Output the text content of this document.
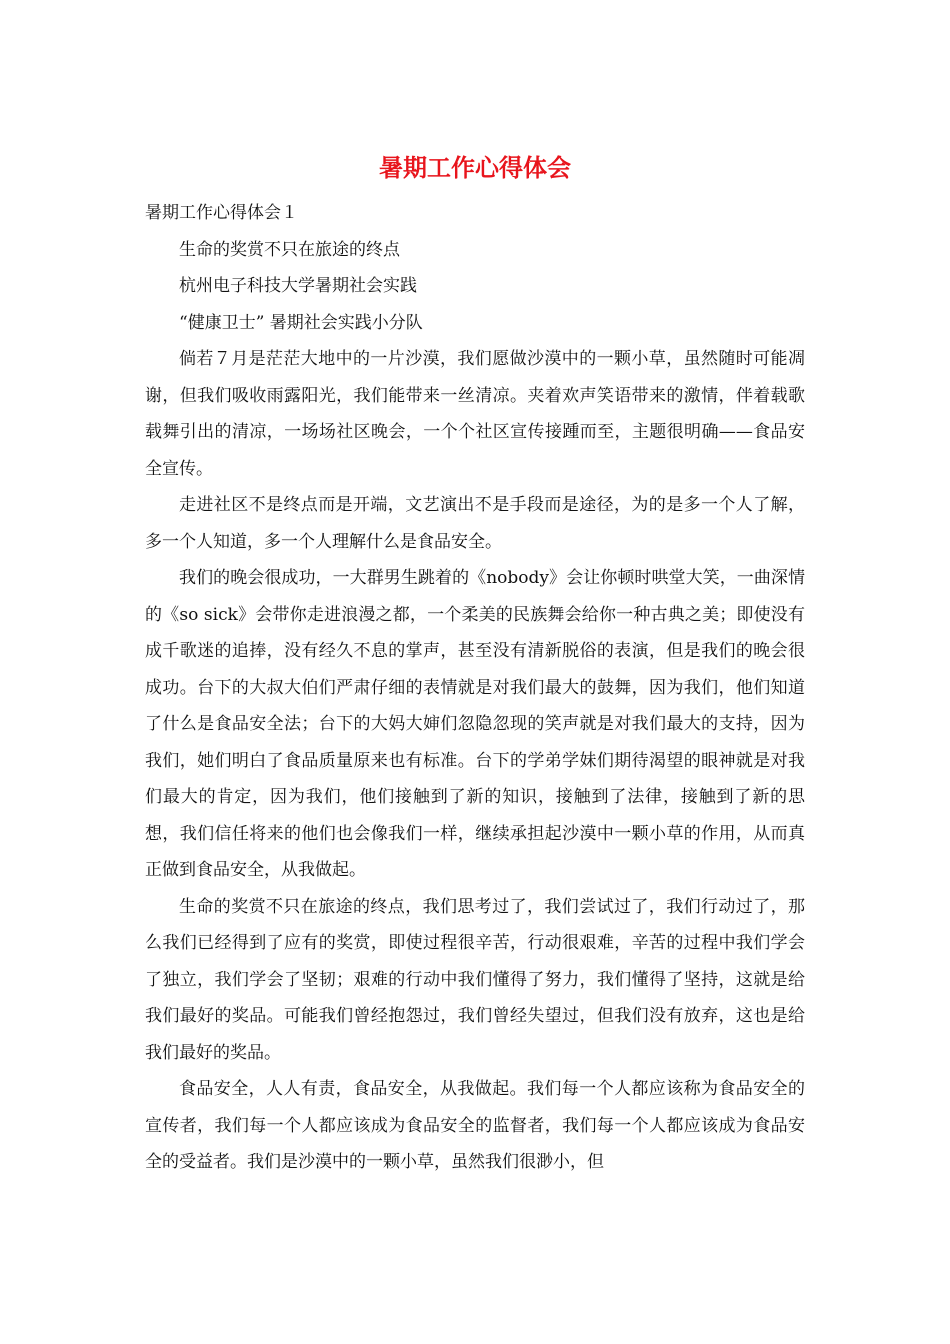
暑期工作心得体会

暑期工作心得体会１

生命的奖赏不只在旅途的终点

杭州电子科技大学暑期社会实践

“健康卫士” 暑期社会实践小分队

倘若７月是茫茫大地中的一片沙漠，我们愿做沙漠中的一颗小草，虽然随时可能凋谢，但我们吸收雨露阳光，我们能带来一丝清凉。夹着欢声笑语带来的激情，伴着载歌载舞引出的清凉，一场场社区晚会，一个个社区宣传接踵而至，主题很明确——食品安全宣传。

走进社区不是终点而是开端，文艺演出不是手段而是途径，为的是多一个人了解，多一个人知道，多一个人理解什么是食品安全。

我们的晚会很成功，一大群男生跳着的《nobody》会让你顿时哄堂大笑，一曲深情的《so sick》会带你走进浪漫之都，一个柔美的民族舞会给你一种古典之美；即使没有成千歌迷的追捧，没有经久不息的掌声，甚至没有清新脱俗的表演，但是我们的晚会很成功。台下的大叔大伯们严肃仔细的表情就是对我们最大的鼓舞，因为我们，他们知道了什么是食品安全法；台下的大妈大婶们忽隐忽现的笑声就是对我们最大的支持，因为我们，她们明白了食品质量原来也有标准。台下的学弟学妹们期待渴望的眼神就是对我们最大的肯定，因为我们，他们接触到了新的知识，接触到了法律，接触到了新的思想，我们信任将来的他们也会像我们一样，继续承担起沙漠中一颗小草的作用，从而真正做到食品安全，从我做起。

生命的奖赏不只在旅途的终点，我们思考过了，我们尝试过了，我们行动过了，那么我们已经得到了应有的奖赏，即使过程很辛苦，行动很艰难，辛苦的过程中我们学会了独立，我们学会了坚韧；艰难的行动中我们懂得了努力，我们懂得了坚持，这就是给我们最好的奖品。可能我们曾经抱怨过，我们曾经失望过，但我们没有放弃，这也是给我们最好的奖品。

食品安全，人人有责，食品安全，从我做起。我们每一个人都应该称为食品安全的宣传者，我们每一个人都应该成为食品安全的监督者，我们每一个人都应该成为食品安全的受益者。我们是沙漠中的一颗小草，虽然我们很渺小，但
